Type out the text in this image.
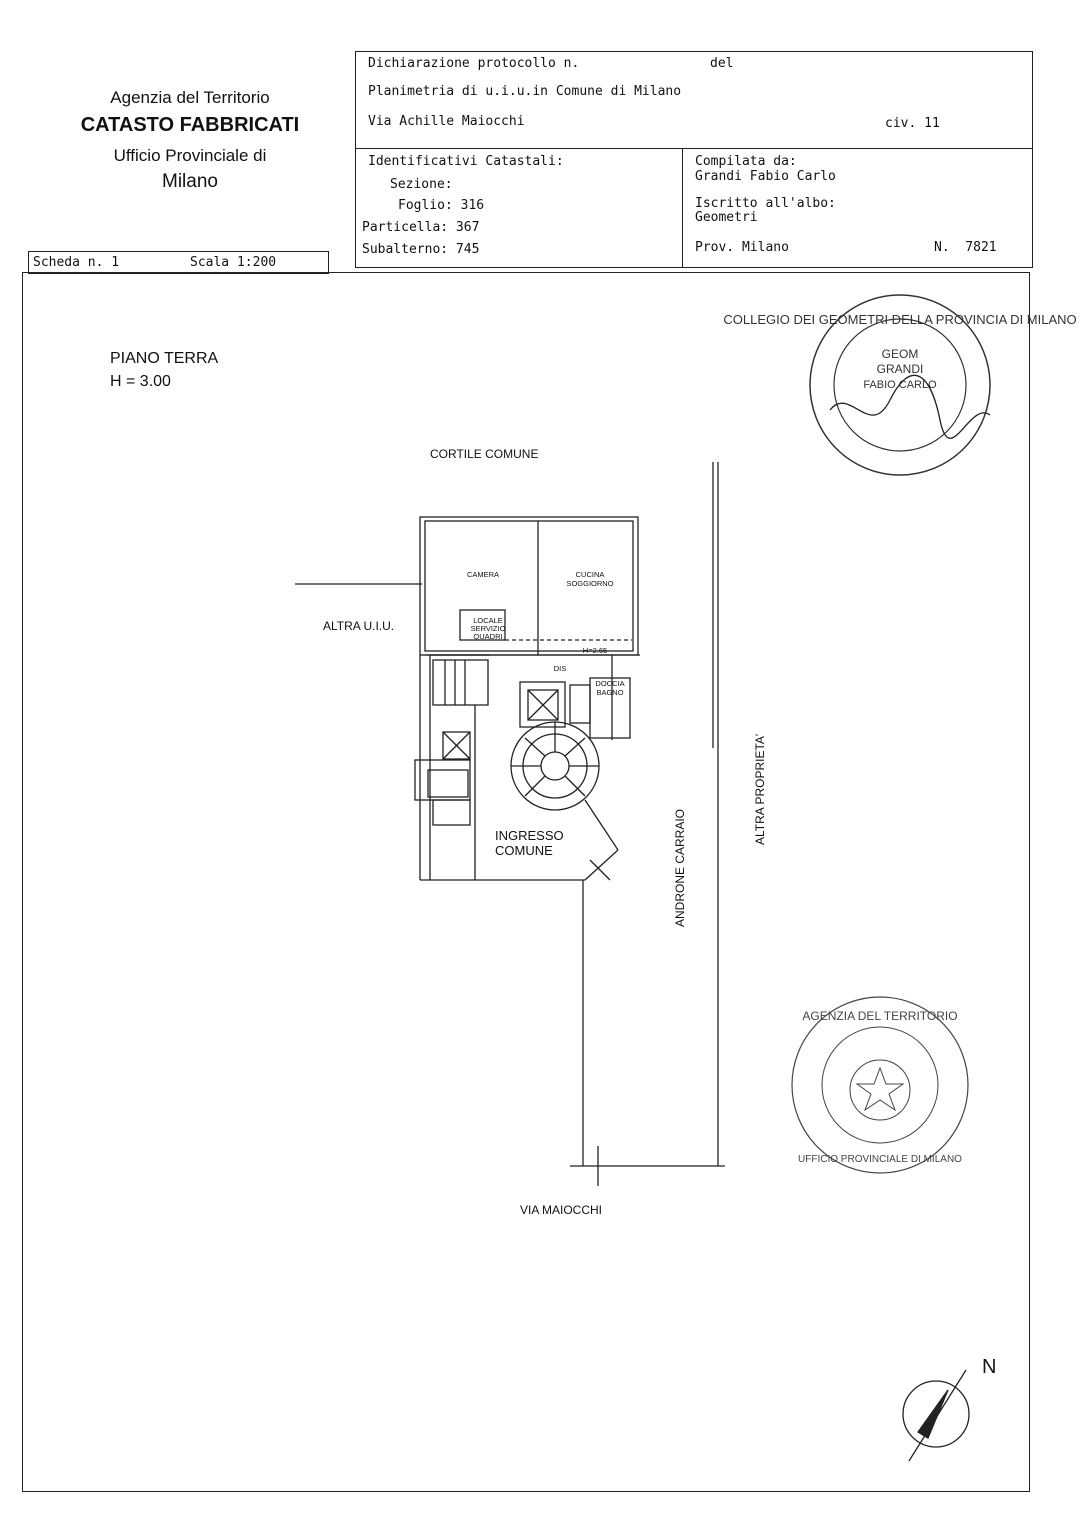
Agenzia del Territorio
CATASTO FABBRICATI
Ufficio Provinciale di
Milano
Scheda n. 1	Scala 1:200
Dichiarazione protocollo n.	del
Planimetria di u.i.u.in Comune di Milano
Via Achille Maiocchi	civ. 11
Identificativi Catastali:
Sezione:
Foglio: 316
Particella: 367
Subalterno: 745
Compilata da:
Grandi Fabio Carlo
Iscritto all'albo:
Geometri
Prov. Milano	N.  7821
PIANO TERRA
H = 3.00
CORTILE COMUNE
ALTRA U.I.U.
CAMERA	CUCINA
SOGGIORNO
LOCALE
SERVIZIO
QUADRI
DIS
H=2.65
DOCCIA
BAGNO
INGRESSO
COMUNE	ANDRONE CARRAIO
ALTRA PROPRIETA'
VIA MAIOCCHI
N
COLLEGIO DEI GEOMETRI DELLA PROVINCIA DI MILANO
GEOM
GRANDI
FABIO CARLO
AGENZIA DEL TERRITORIO
UFFICIO PROVINCIALE DI MILANO
